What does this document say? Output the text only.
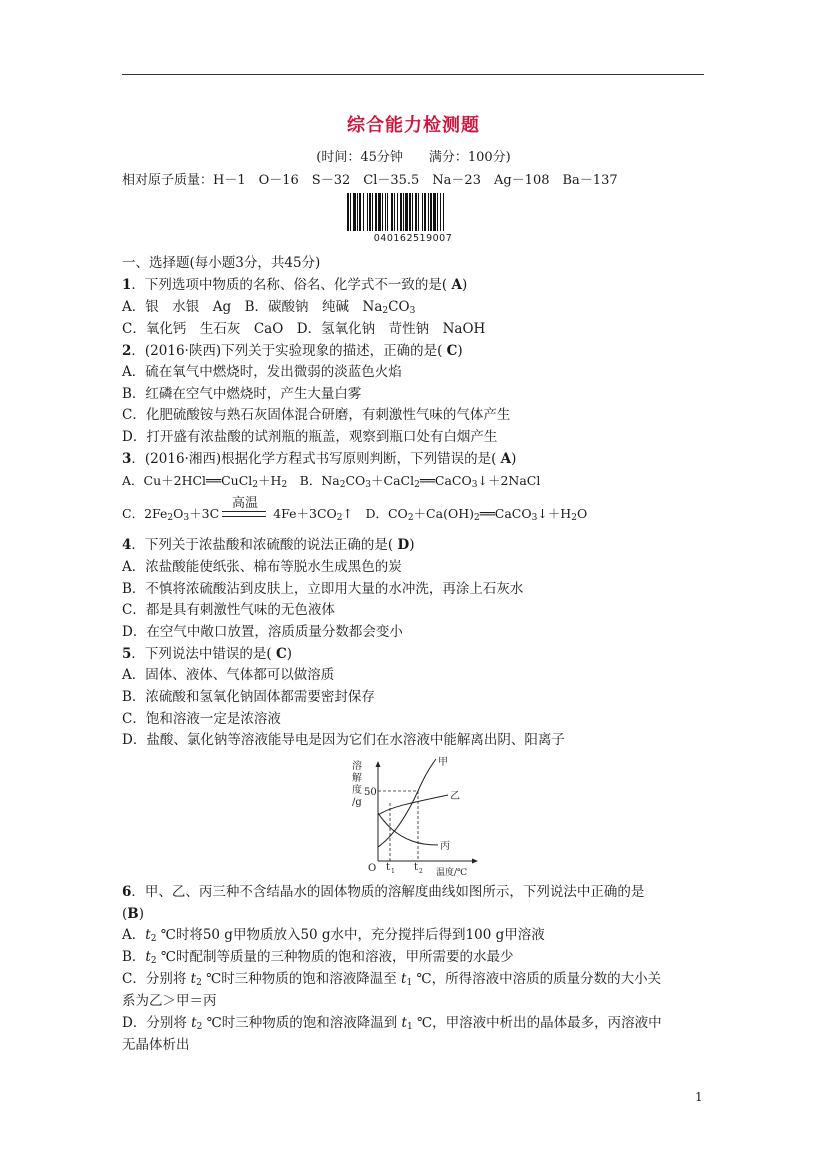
综合能力检测题
(时间：45分钟　　满分：100分)
相对原子质量：H－1　O－16　S－32　Cl－35.5　Na－23　Ag－108　Ba－137
040162519007
一、选择题(每小题3分，共45分)
1．下列选项中物质的名称、俗名、化学式不一致的是( A)
A．银　水银　Ag　B．碳酸钠　纯碱　$Na_2CO_3$
C．氧化钙　生石灰　CaO　D．氢氧化钠　苛性钠　NaOH
2．(2016·陕西)下列关于实验现象的描述，正确的是( C)
A．硫在氧气中燃烧时，发出微弱的淡蓝色火焰
B．红磷在空气中燃烧时，产生大量白雾
C．化肥硫酸铵与熟石灰固体混合研磨，有刺激性气味的气体产生
D．打开盛有浓盐酸的试剂瓶的瓶盖，观察到瓶口处有白烟产生
3．(2016·湘西)根据化学方程式书写原则判断，下列错误的是( A)
A．$Cu+2HCl══CuCl_2+H_2$　B．$Na_2CO_3+CaCl_2══CaCO_3↓+2NaCl$
高温
C．$2Fe_2O_3+3C$	$4Fe+3CO_2↑$　D．$CO_2+Ca(OH)_2══CaCO_3↓+H_2O$
4．下列关于浓盐酸和浓硫酸的说法正确的是( D)
A．浓盐酸能使纸张、棉布等脱水生成黑色的炭
B．不慎将浓硫酸沾到皮肤上，立即用大量的水冲洗，再涂上石灰水
C．都是具有刺激性气味的无色液体
D．在空气中敞口放置，溶质质量分数都会变小
5．下列说法中错误的是( C)
A．固体、液体、气体都可以做溶质
B．浓硫酸和氢氧化钠固体都需要密封保存
C．饱和溶液一定是浓溶液
D．盐酸、氯化钠等溶液能导电是因为它们在水溶液中能解离出阴、阳离子
溶
解
度
/g
50
甲
乙
丙
O t 1 t 2 温度/℃
6．甲、乙、丙三种不含结晶水的固体物质的溶解度曲线如图所示，下列说法中正确的是
(B)
A．$t_2$ ℃时将50 g甲物质放入50 g水中，充分搅拌后得到100 g甲溶液
B．$t_2$ ℃时配制等质量的三种物质的饱和溶液，甲所需要的水最少
C．分别将 $t_2$ ℃时三种物质的饱和溶液降温至 $t_1$ ℃，所得溶液中溶质的质量分数的大小关
系为乙＞甲＝丙
D．分别将 $t_2$ ℃时三种物质的饱和溶液降温到 $t_1$ ℃，甲溶液中析出的晶体最多，丙溶液中
无晶体析出
1
